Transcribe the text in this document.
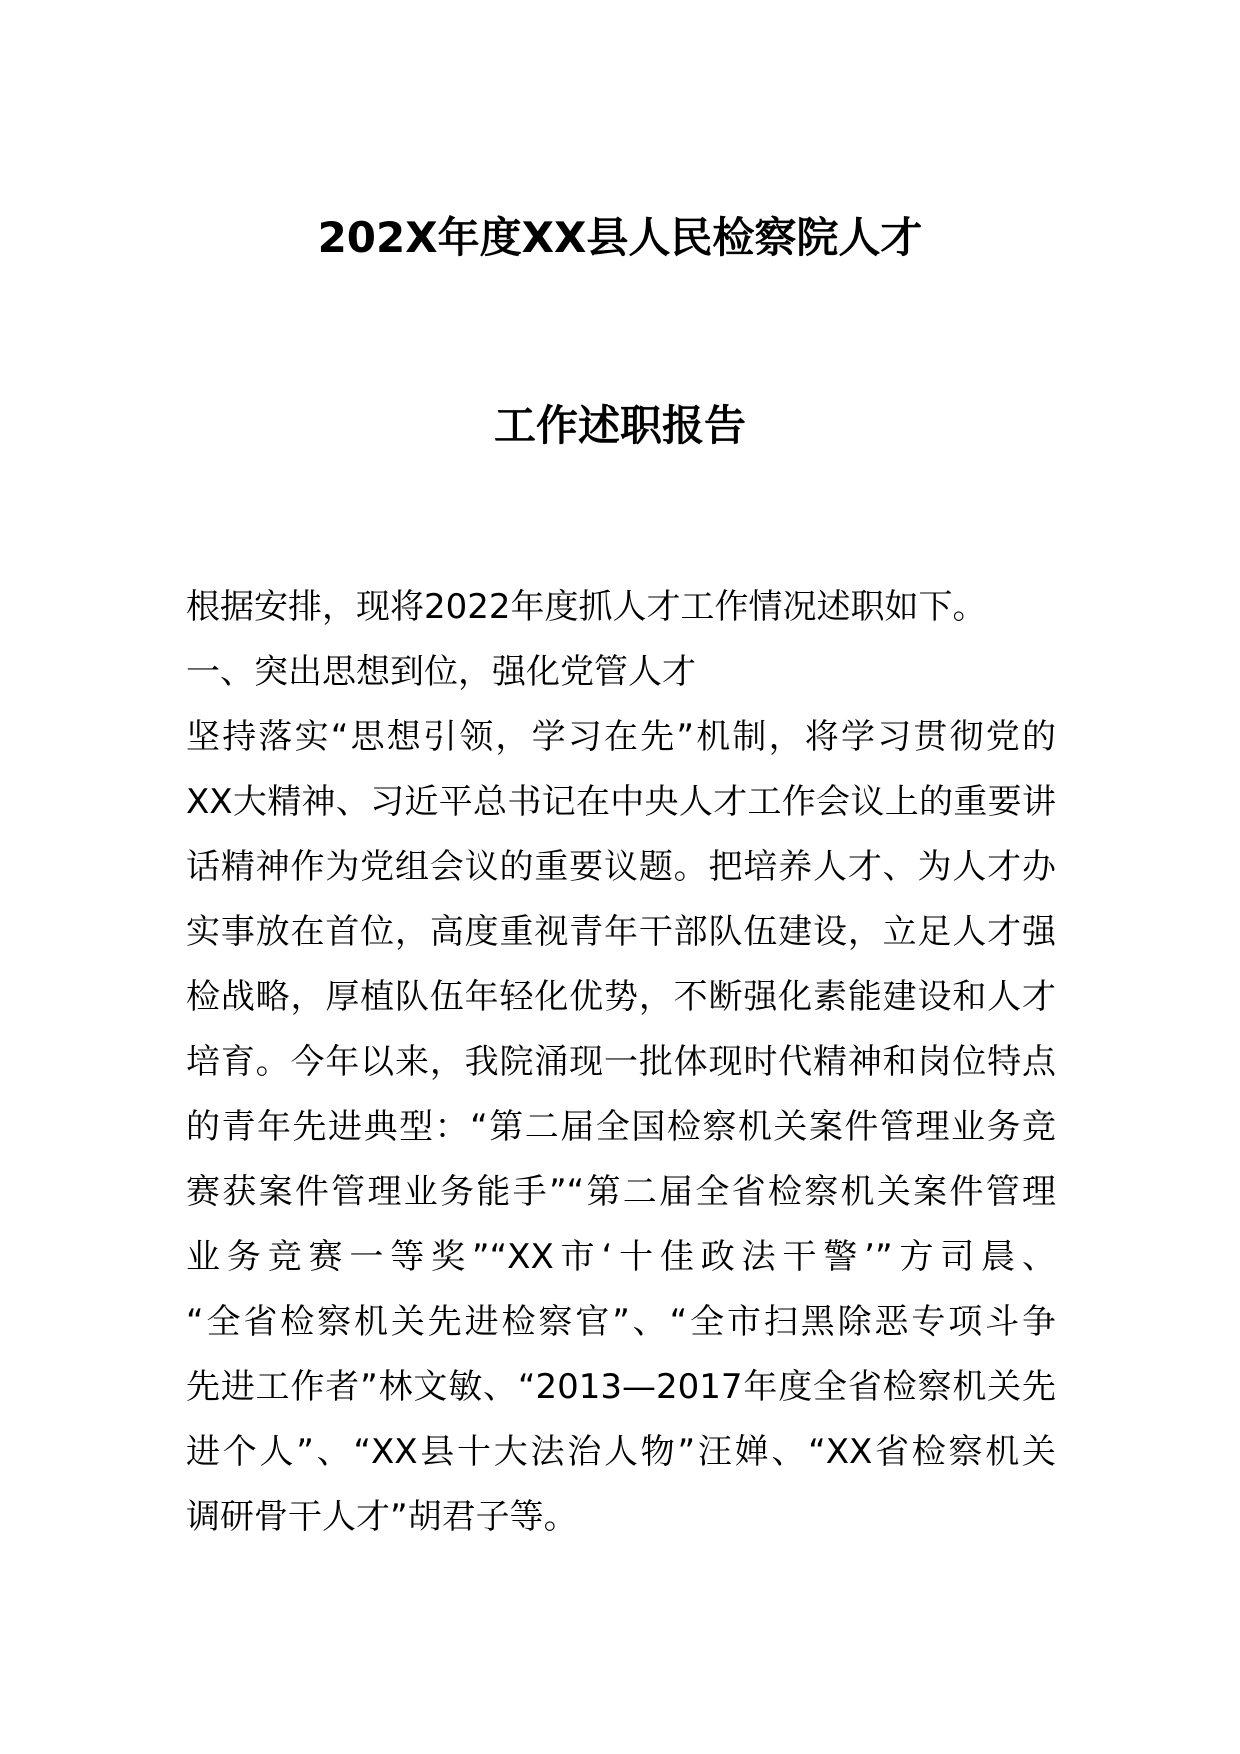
202X年度XX县人民检察院人才
工作述职报告
根据安排，现将2022年度抓人才工作情况述职如下。
一、突出思想到位，强化党管人才
坚持落实“思想引领，学习在先”机制，将学习贯彻党的
XX大精神、习近平总书记在中央人才工作会议上的重要讲
话精神作为党组会议的重要议题。把培养人才、为人才办
实事放在首位，高度重视青年干部队伍建设，立足人才强
检战略，厚植队伍年轻化优势，不断强化素能建设和人才
培育。今年以来，我院涌现一批体现时代精神和岗位特点
的青年先进典型：“第二届全国检察机关案件管理业务竞
赛获案件管理业务能手”“第二届全省检察机关案件管理
业务竞赛一等奖”“XX市‘十佳政法干警’”方司晨、
“全省检察机关先进检察官”、“全市扫黑除恶专项斗争
先进工作者”林文敏、“2013—2017年度全省检察机关先
进个人”、“XX县十大法治人物”汪婵、“XX省检察机关
调研骨干人才”胡君子等。
